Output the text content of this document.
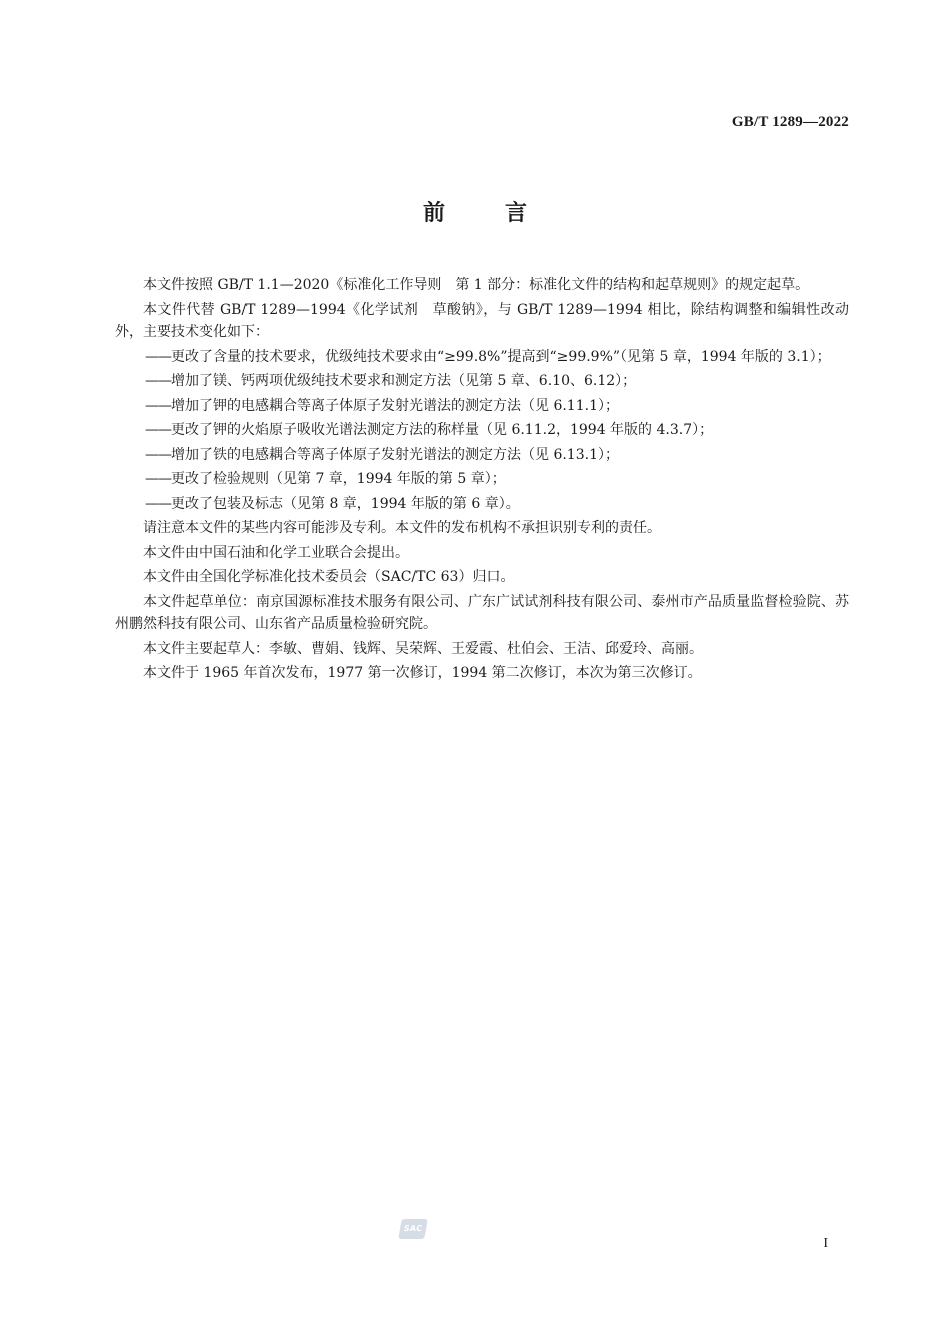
GB/T 1289—2022
前言

本文件按照 GB/T 1.1—2020《标准化工作导则　第 1 部分：标准化文件的结构和起草规则》的规定起草。

本文件代替 GB/T 1289—1994《化学试剂　草酸钠》，与 GB/T 1289—1994 相比，除结构调整和编辑性改动外，主要技术变化如下：

——更改了含量的技术要求，优级纯技术要求由“≥99.8%”提高到“≥99.9%”（见第 5 章，1994 年版的 3.1）；

——增加了镁、钙两项优级纯技术要求和测定方法（见第 5 章、6.10、6.12）；

——增加了钾的电感耦合等离子体原子发射光谱法的测定方法（见 6.11.1）；

——更改了钾的火焰原子吸收光谱法测定方法的称样量（见 6.11.2，1994 年版的 4.3.7）；

——增加了铁的电感耦合等离子体原子发射光谱法的测定方法（见 6.13.1）；

——更改了检验规则（见第 7 章，1994 年版的第 5 章）；

——更改了包装及标志（见第 8 章，1994 年版的第 6 章）。

请注意本文件的某些内容可能涉及专利。本文件的发布机构不承担识别专利的责任。

本文件由中国石油和化学工业联合会提出。

本文件由全国化学标准化技术委员会（SAC/TC 63）归口。

本文件起草单位：南京国源标准技术服务有限公司、广东广试试剂科技有限公司、泰州市产品质量监督检验院、苏州鹏然科技有限公司、山东省产品质量检验研究院。

本文件主要起草人：李敏、曹娟、钱辉、吴荣辉、王爱霞、杜伯会、王洁、邱爱玲、高丽。

本文件于 1965 年首次发布，1977 第一次修订，1994 第二次修订，本次为第三次修订。

SAC
I
